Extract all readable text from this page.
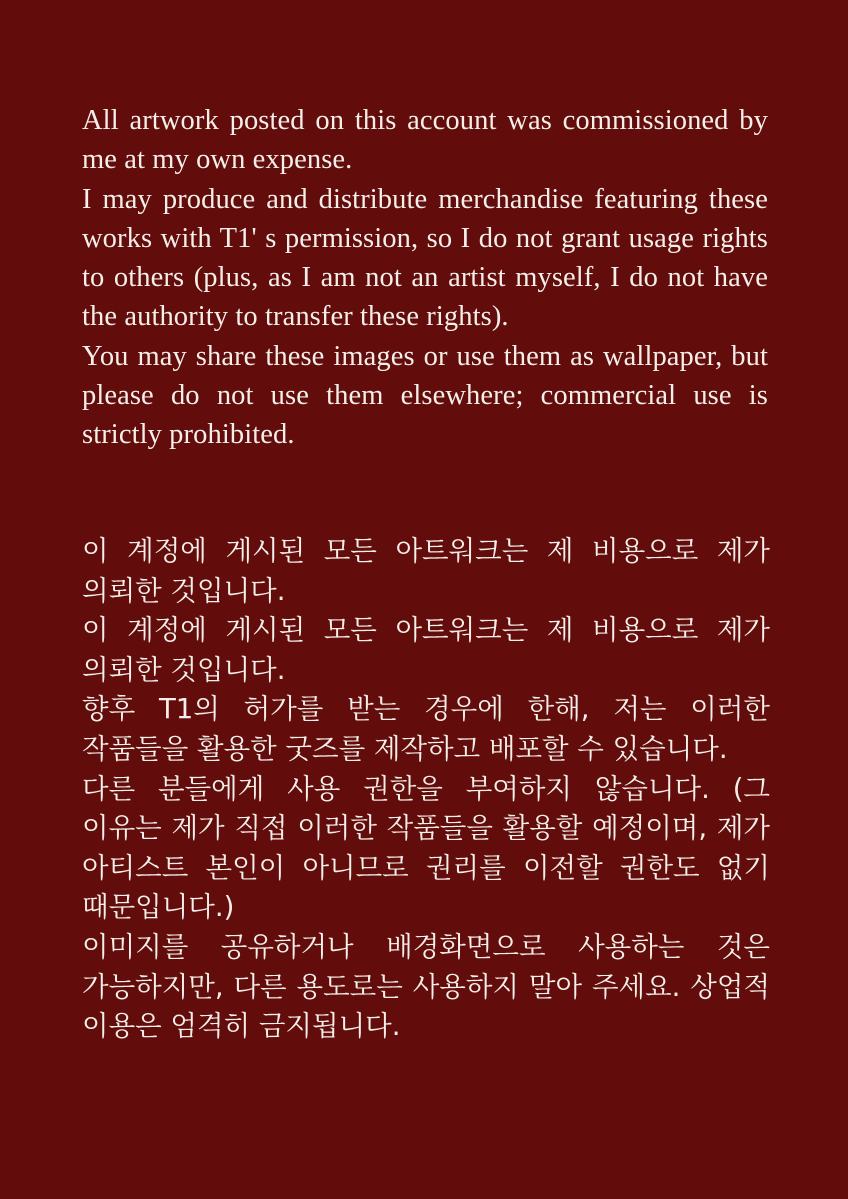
All artwork posted on this account was commissioned by me at my own expense.

I may produce and distribute merchandise featuring these works with T1' s permission, so I do not grant usage rights to others (plus, as I am not an artist myself, I do not have the authority to transfer these rights).

You may share these images or use them as wallpaper, but please do not use them elsewhere; commercial use is strictly prohibited.

이 계정에 게시된 모든 아트워크는 제 비용으로 제가 의뢰한 것입니다.

이 계정에 게시된 모든 아트워크는 제 비용으로 제가 의뢰한 것입니다.

향후 T1의 허가를 받는 경우에 한해, 저는 이러한 작품들을 활용한 굿즈를 제작하고 배포할 수 있습니다.

다른 분들에게 사용 권한을 부여하지 않습니다. (그 이유는 제가 직접 이러한 작품들을 활용할 예정이며, 제가 아티스트 본인이 아니므로 권리를 이전할 권한도 없기 때문입니다.)

이미지를 공유하거나 배경화면으로 사용하는 것은 가능하지만, 다른 용도로는 사용하지 말아 주세요. 상업적 이용은 엄격히 금지됩니다.
